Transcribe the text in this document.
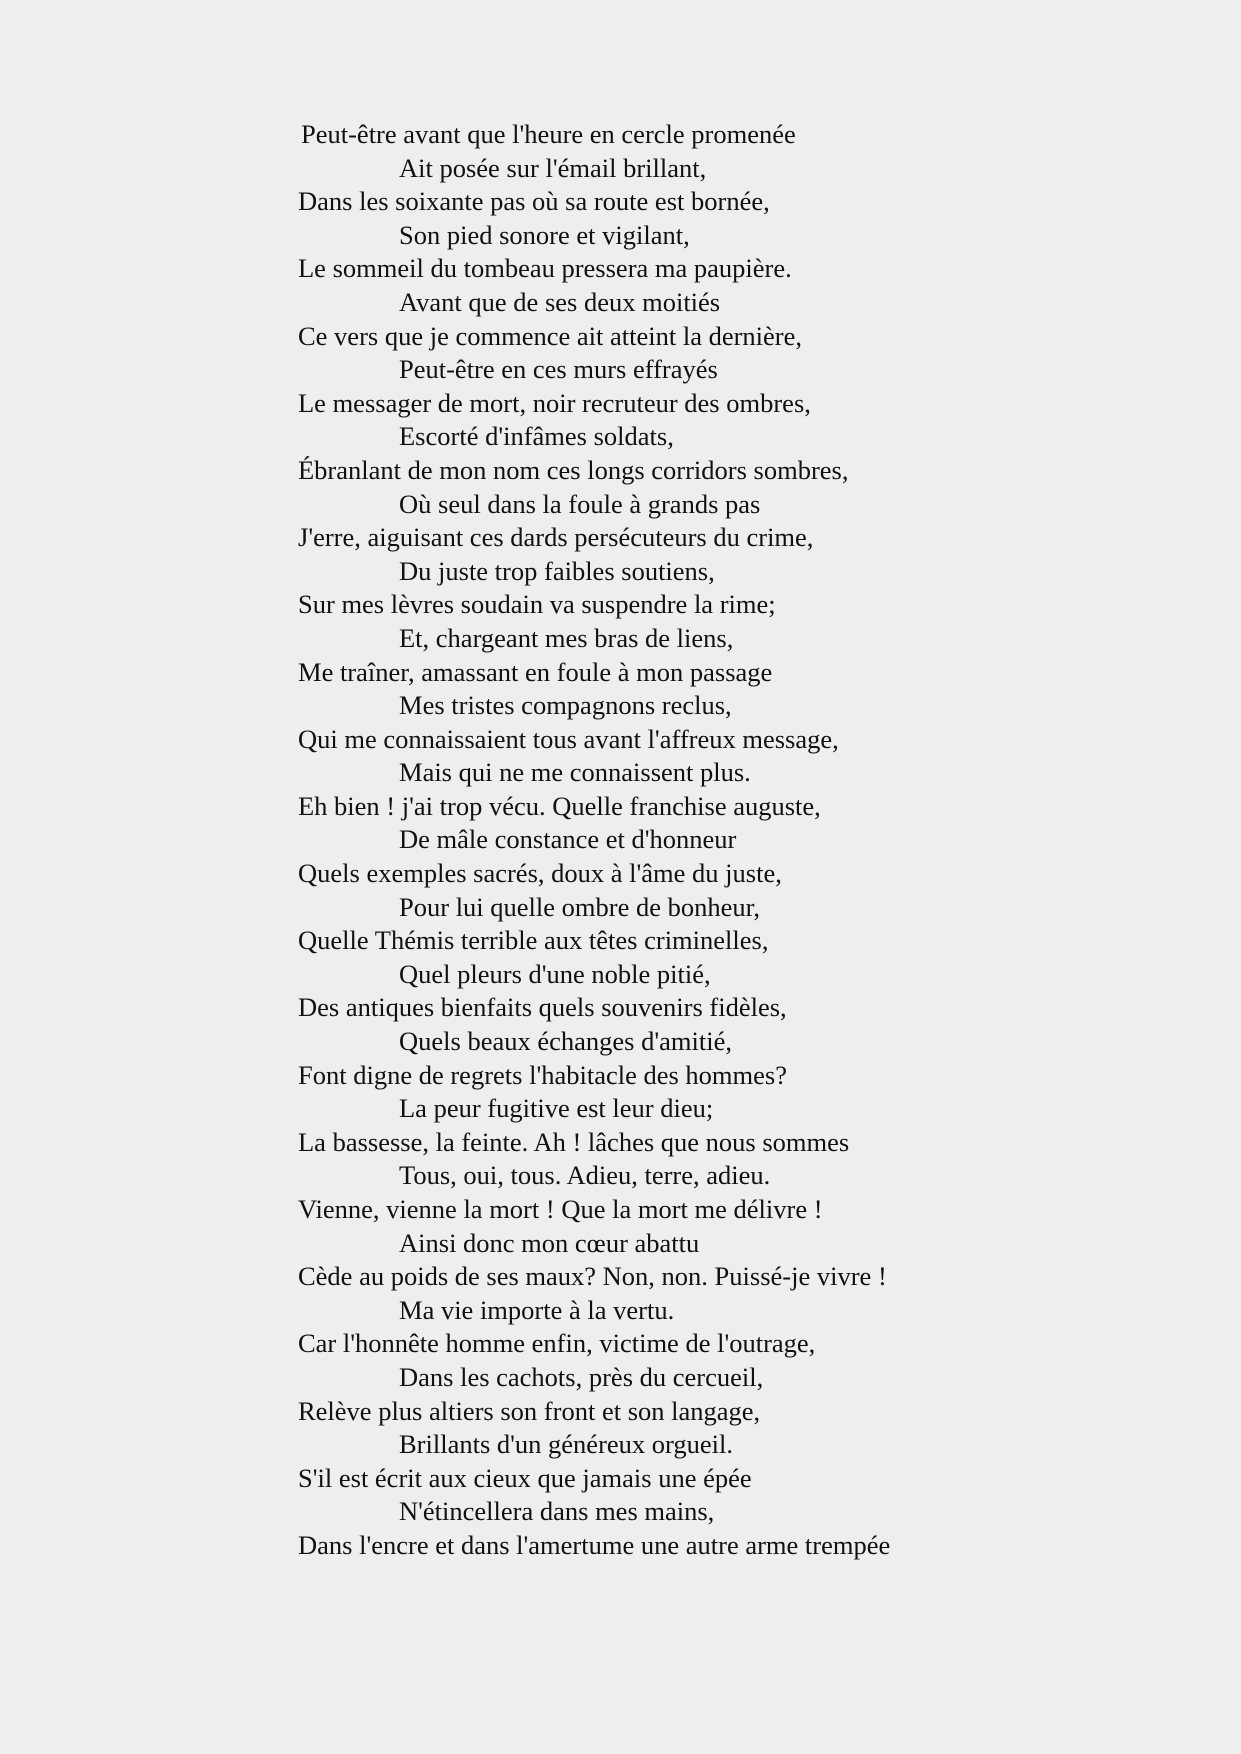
Peut-être avant que l'heure en cercle promenée
Ait posée sur l'émail brillant,
Dans les soixante pas où sa route est bornée,
Son pied sonore et vigilant,
Le sommeil du tombeau pressera ma paupière.
Avant que de ses deux moitiés
Ce vers que je commence ait atteint la dernière,
Peut-être en ces murs effrayés
Le messager de mort, noir recruteur des ombres,
Escorté d'infâmes soldats,
Ébranlant de mon nom ces longs corridors sombres,
Où seul dans la foule à grands pas
J'erre, aiguisant ces dards persécuteurs du crime,
Du juste trop faibles soutiens,
Sur mes lèvres soudain va suspendre la rime;
Et, chargeant mes bras de liens,
Me traîner, amassant en foule à mon passage
Mes tristes compagnons reclus,
Qui me connaissaient tous avant l'affreux message,
Mais qui ne me connaissent plus.
Eh bien ! j'ai trop vécu. Quelle franchise auguste,
De mâle constance et d'honneur
Quels exemples sacrés, doux à l'âme du juste,
Pour lui quelle ombre de bonheur,
Quelle Thémis terrible aux têtes criminelles,
Quel pleurs d'une noble pitié,
Des antiques bienfaits quels souvenirs fidèles,
Quels beaux échanges d'amitié,
Font digne de regrets l'habitacle des hommes?
La peur fugitive est leur dieu;
La bassesse, la feinte. Ah ! lâches que nous sommes
Tous, oui, tous. Adieu, terre, adieu.
Vienne, vienne la mort ! Que la mort me délivre !
Ainsi donc mon cœur abattu
Cède au poids de ses maux? Non, non. Puissé-je vivre !
Ma vie importe à la vertu.
Car l'honnête homme enfin, victime de l'outrage,
Dans les cachots, près du cercueil,
Relève plus altiers son front et son langage,
Brillants d'un généreux orgueil.
S'il est écrit aux cieux que jamais une épée
N'étincellera dans mes mains,
Dans l'encre et dans l'amertume une autre arme trempée
